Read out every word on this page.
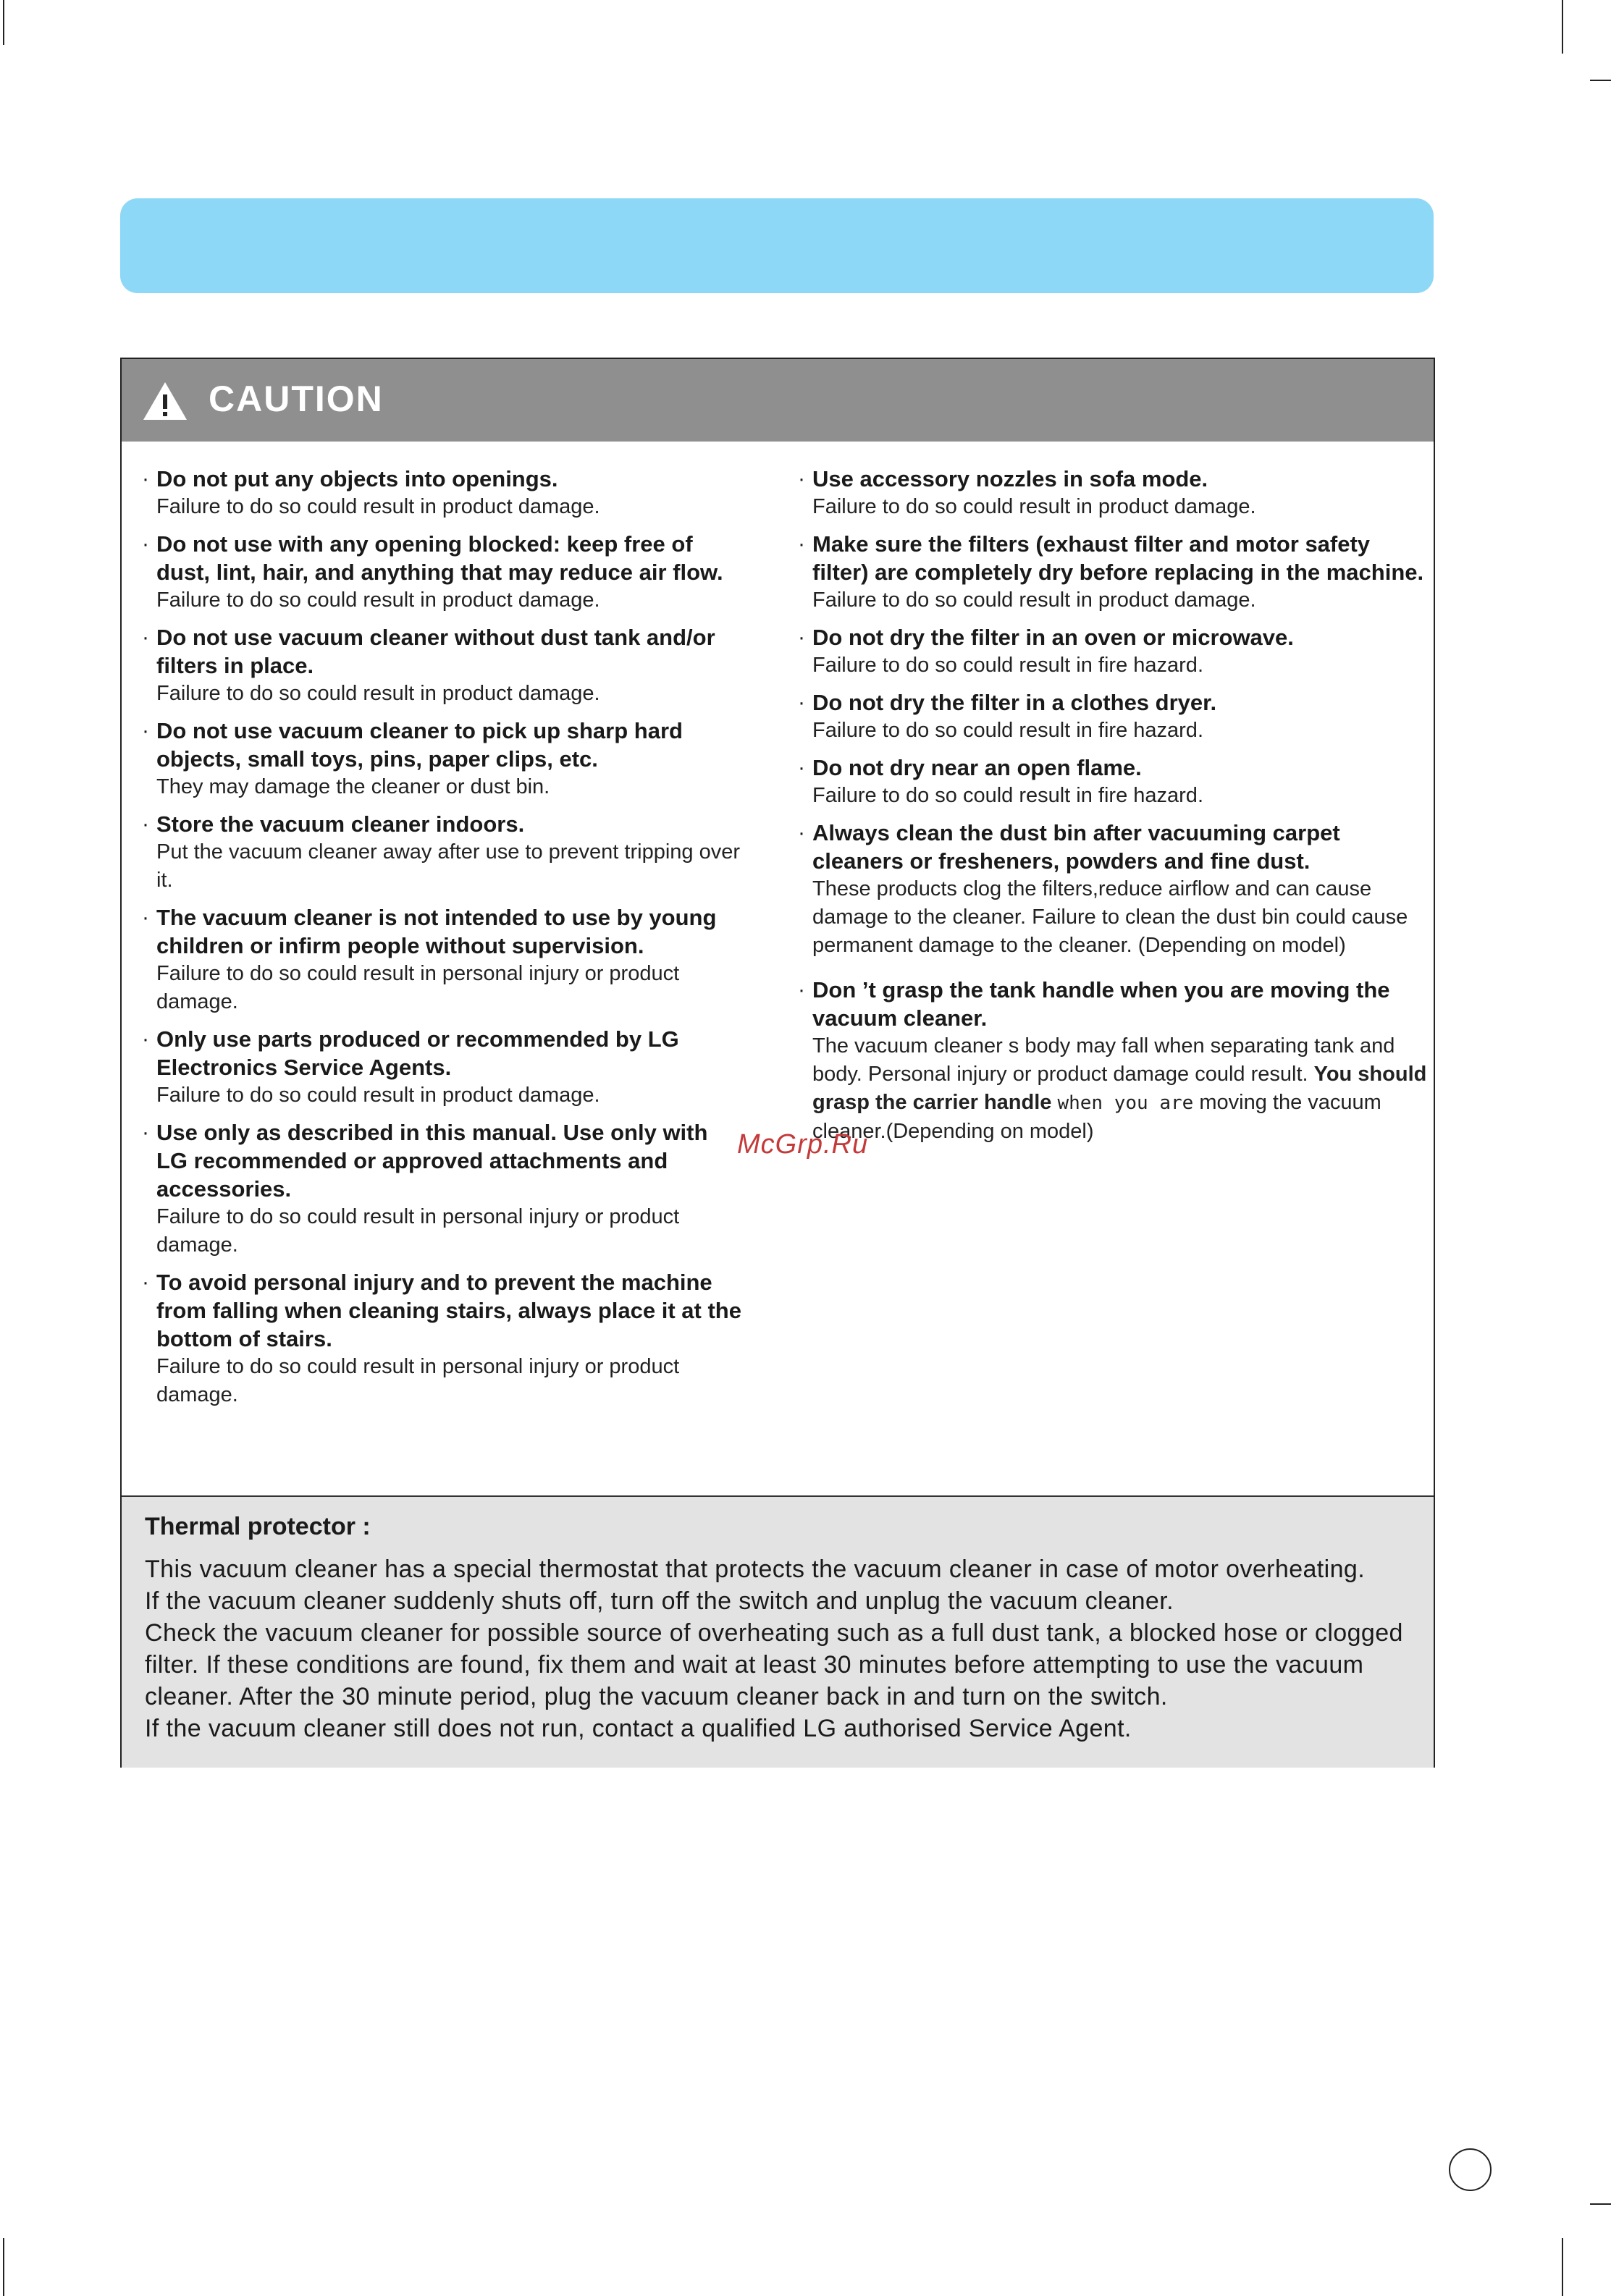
CAUTION
· Do not put any objects into openings.
Failure to do so could result in product damage.
· Do not use with any opening blocked: keep free of dust, lint, hair, and anything that may reduce air flow.
Failure to do so could result in product damage.
· Do not use vacuum cleaner without dust tank and/or filters in place.
Failure to do so could result in product damage.
· Do not use vacuum cleaner to pick up sharp hard objects, small toys, pins, paper clips, etc.
They may damage the cleaner or dust bin.
· Store the vacuum cleaner indoors.
Put the vacuum cleaner away after use to prevent tripping over it.
· The vacuum cleaner is not intended to use by young children or infirm people without supervision.
Failure to do so could result in personal injury or product damage.
· Only use parts produced or recommended by LG Electronics Service Agents.
Failure to do so could result in product damage.
· Use only as described in this manual. Use only with LG recommended or approved attachments and accessories.
Failure to do so could result in personal injury or product damage.
· To avoid personal injury and to prevent the machine from falling when cleaning stairs, always place it at the bottom of stairs.
Failure to do so could result in personal injury or product damage.
· Use accessory nozzles in sofa mode.
Failure to do so could result in product damage.
· Make sure the filters (exhaust filter and motor safety filter) are completely dry before replacing in the machine.
Failure to do so could result in product damage.
· Do not dry the filter in an oven or microwave.
Failure to do so could result in fire hazard.
· Do not dry the filter in a clothes dryer.
Failure to do so could result in fire hazard.
· Do not dry near an open flame.
Failure to do so could result in fire hazard.
· Always clean the dust bin after vacuuming carpet cleaners or fresheners, powders and fine dust.
These products clog the filters,reduce airflow and can cause damage to the cleaner. Failure to clean the dust bin could cause permanent damage to the cleaner. (Depending on model)
· Don ’t grasp the tank handle when you are moving the vacuum cleaner.
The vacuum cleaner s body may fall when separating tank and body. Personal injury or product damage could result. You should grasp the carrier handle when you are moving the vacuum cleaner.(Depending on model)
Thermal protector :
This vacuum cleaner has a special thermostat that protects the vacuum cleaner in case of motor overheating.
If the vacuum cleaner suddenly shuts off, turn off the switch and unplug the vacuum cleaner.
Check the vacuum cleaner for possible source of overheating such as a full dust tank, a blocked hose or clogged filter. If these conditions are found, fix them and wait at least 30 minutes before attempting to use the vacuum cleaner. After the 30 minute period, plug the vacuum cleaner back in and turn on the switch.
If the vacuum cleaner still does not run, contact a qualified LG authorised Service Agent.
McGrp.Ru
